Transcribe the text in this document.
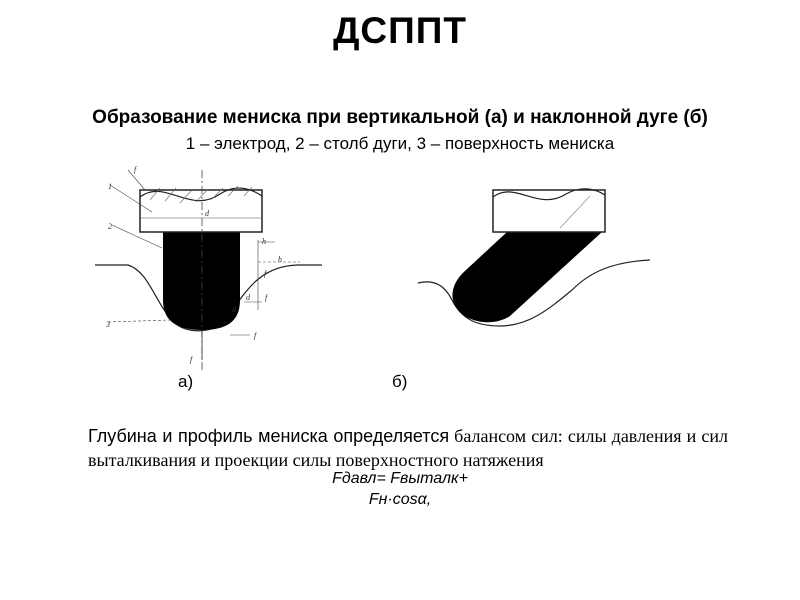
ДСППТ
Образование мениска при вертикальной (а) и наклонной дуге (б)
1 – электрод, 2 – столб дуги, 3 – поверхность мениска
f
d
1
2
3
h
h
f
d f
d
f
f
а)	б)
Глубина и профиль мениска определяется балансом сил: силы давления и сил выталкивания и проекции силы поверхностного натяжения
Fдавл= Fвыталк+
Fн·cosα,
